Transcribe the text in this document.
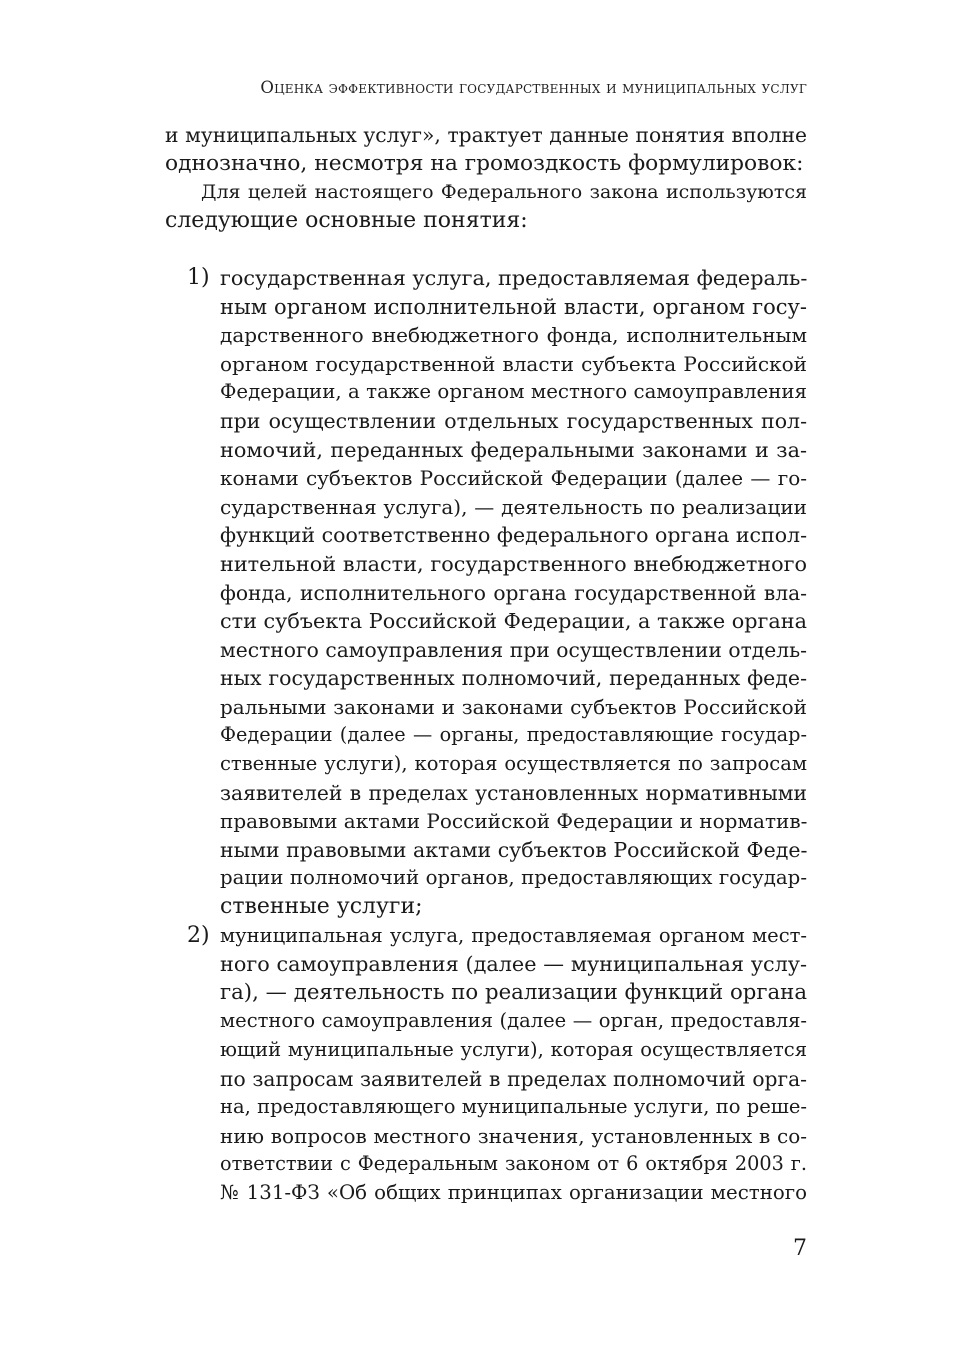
Оценка эффективности государственных и муниципальных услуг
и муниципальных услуг», трактует данные понятия вполне
однозначно, несмотря на громоздкость формулировок:
Для целей настоящего Федерального закона используются
следующие основные понятия:
1) государственная услуга, предоставляемая федераль-
ным органом исполнительной власти, органом госу-
дарственного внебюджетного фонда, исполнительным
органом государственной власти субъекта Российской
Федерации, а также органом местного самоуправления
при осуществлении отдельных государственных пол-
номочий, переданных федеральными законами и за-
конами субъектов Российской Федерации (далее — го-
сударственная услуга), — деятельность по реализации
функций соответственно федерального органа испол-
нительной власти, государственного внебюджетного
фонда, исполнительного органа государственной вла-
сти субъекта Российской Федерации, а также органа
местного самоуправления при осуществлении отдель-
ных государственных полномочий, переданных феде-
ральными законами и законами субъектов Российской
Федерации (далее — органы, предоставляющие государ-
ственные услуги), которая осуществляется по запросам
заявителей в пределах установленных нормативными
правовыми актами Российской Федерации и норматив-
ными правовыми актами субъектов Российской Феде-
рации полномочий органов, предоставляющих государ-
ственные услуги;
2) муниципальная услуга, предоставляемая органом мест-
ного самоуправления (далее — муниципальная услу-
га), — деятельность по реализации функций органа
местного самоуправления (далее — орган, предоставля-
ющий муниципальные услуги), которая осуществляется
по запросам заявителей в пределах полномочий орга-
на, предоставляющего муниципальные услуги, по реше-
нию вопросов местного значения, установленных в со-
ответствии с Федеральным законом от 6 октября 2003 г.
№ 131-ФЗ «Об общих принципах организации местного
7
